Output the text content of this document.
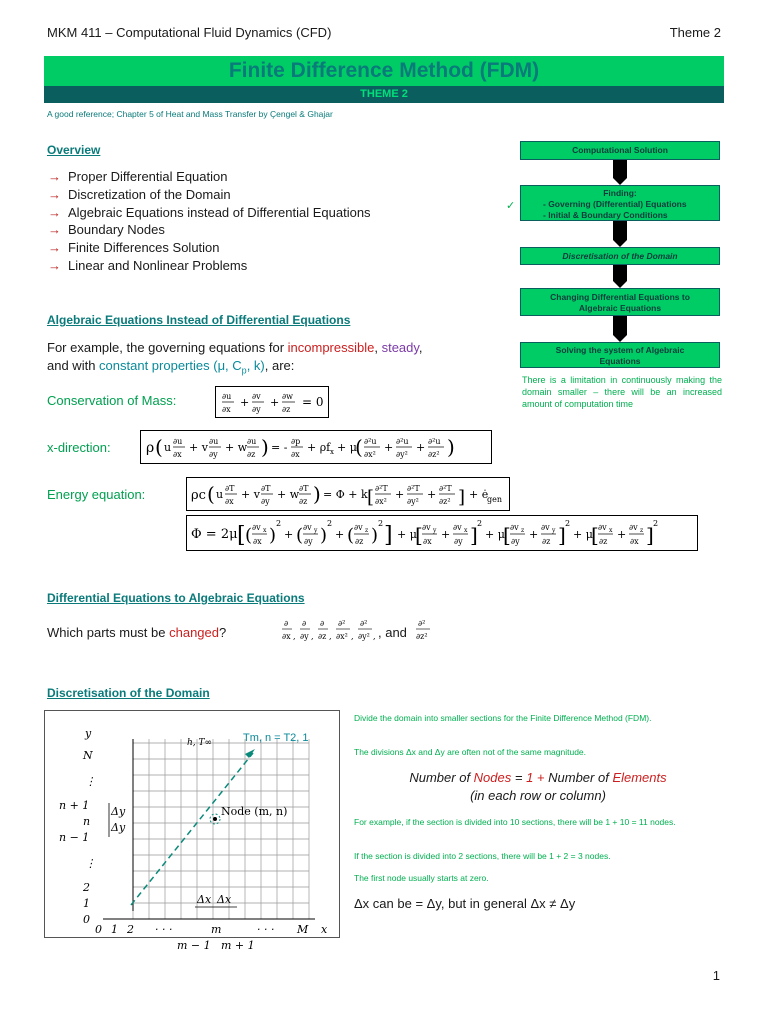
MKM 411 – Computational Fluid Dynamics (CFD)	Theme 2
Finite Difference Method (FDM)
THEME 2
A good reference; Chapter 5 of Heat and Mass Transfer by Çengel & Ghajar
Overview
→ Proper Differential Equation
→ Discretization of the Domain
→ Algebraic Equations instead of Differential Equations
→ Boundary Nodes
→ Finite Differences Solution
→ Linear and Nonlinear Problems
Computational Solution
Finding:
- Governing (Differential) Equations
- Initial & Boundary Conditions
Discretisation of the Domain
Changing Differential Equations to
Algebraic Equations
Solving the system of Algebraic
Equations
✓
There is a limitation in continuously making the domain smaller – there will be an increased amount of computation time
Algebraic Equations Instead of Differential Equations
For example, the governing equations for incompressible, steady,
and with constant properties (μ, $C_p$, k), are:
Conservation of Mass:	∂u
∂x
+ ∂v
∂y
+ ∂w
∂z
= 0
x-direction:	ρ ( u ∂u
∂x
+ v ∂u
∂y
+ w ∂u
∂z ) = - ∂p
∂x
+ ρf x + μ
( ∂²u
∂x²
+ ∂²u
∂y²
+ ∂²u
∂z² )
Energy equation:	ρc ( u ∂T
∂x
+ v ∂T
∂y
+ w ∂T
∂z ) = Φ + k [ ∂²T
∂x²
+ ∂²T
∂y²
+ ∂²T
∂z² ] + ė
gen
Φ = 2μ [ ( ∂v x
∂x )
2
+ ( ∂v y
∂y )
2
+ ( ∂v z
∂z )
2 ] + μ
[ ∂v y
∂x
+
∂v x
∂y ] 2
+ μ
[ ∂v z
∂y
+
∂v y
∂z ] 2
+ μ
[ ∂v x
∂z
+
∂v z
∂x ] 2
Differential Equations to Algebraic Equations
Which parts must be changed?
∂
∂x ,
∂
∂y ,
∂
∂z ,
∂²
∂x² ,
∂²
∂y² ,
∂²
∂z²
, and
Discretisation of the Domain
y
x
N
⋮
n + 1
n
n − 1
⋮
2
1
0
0 1 2 · · ·	m	· · · M
m − 1 m + 1
Δy
Δy
Δx Δx
Node (m, n)
h, T∞	Tm, n = T2, 1
Divide the domain into smaller sections for the Finite Difference Method (FDM).
The divisions Δx and Δy are often not of the same magnitude.
Number of Nodes = 1 + Number of Elements
(in each row or column)
For example, if the section is divided into 10 sections, there will be 1 + 10 = 11 nodes.
If the section is divided into 2 sections, there will be 1 + 2 = 3 nodes.
The first node usually starts at zero.
Δx can be = Δy, but in general Δx ≠ Δy
1
